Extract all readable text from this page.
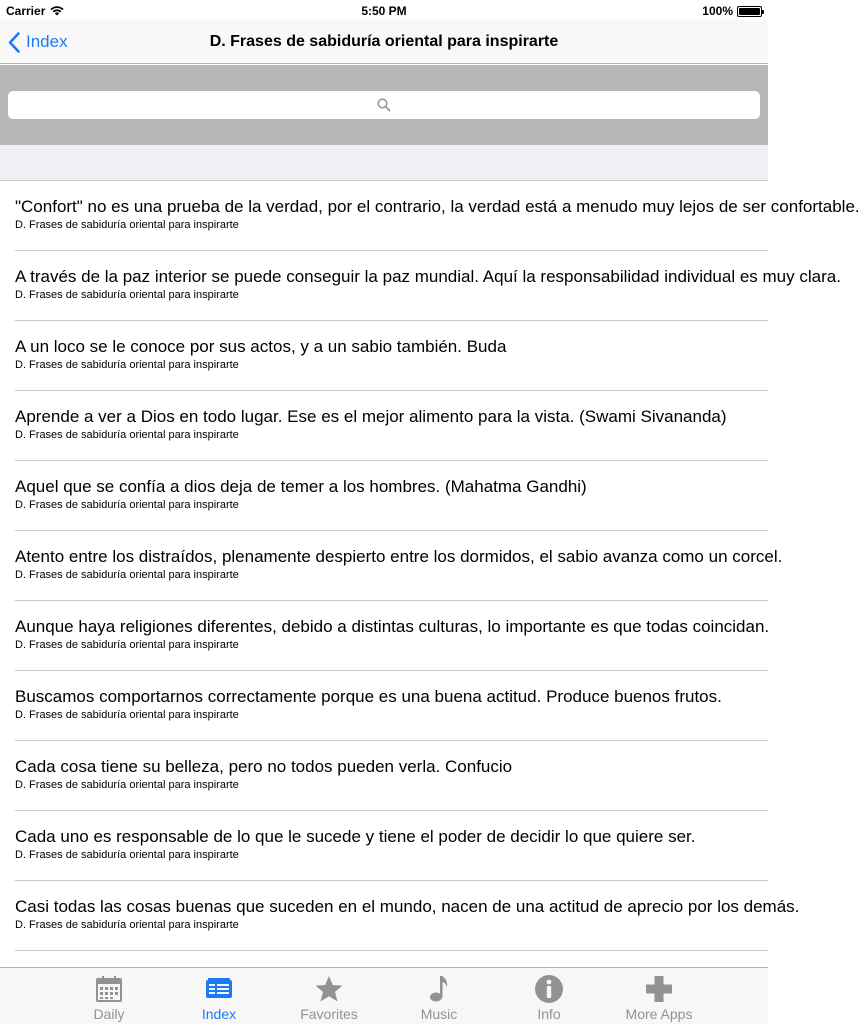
Carrier	5:50 PM	100%
D. Frases de sabiduría oriental para inspirarte
Index
"Confort" no es una prueba de la verdad, por el contrario, la verdad está a menudo muy lejos de ser confortable.
D. Frases de sabiduría oriental para inspirarte
A través de la paz interior se puede conseguir la paz mundial. Aquí la responsabilidad individual es muy clara.
D. Frases de sabiduría oriental para inspirarte
A un loco se le conoce por sus actos, y a un sabio también. Buda
D. Frases de sabiduría oriental para inspirarte
Aprende a ver a Dios en todo lugar. Ese es el mejor alimento para la vista. (Swami Sivananda)
D. Frases de sabiduría oriental para inspirarte
Aquel que se confía a dios deja de temer a los hombres. (Mahatma Gandhi)
D. Frases de sabiduría oriental para inspirarte
Atento entre los distraídos, plenamente despierto entre los dormidos, el sabio avanza como un corcel.
D. Frases de sabiduría oriental para inspirarte
Aunque haya religiones diferentes, debido a distintas culturas, lo importante es que todas coincidan.
D. Frases de sabiduría oriental para inspirarte
Buscamos comportarnos correctamente porque es una buena actitud. Produce buenos frutos.
D. Frases de sabiduría oriental para inspirarte
Cada cosa tiene su belleza, pero no todos pueden verla. Confucio
D. Frases de sabiduría oriental para inspirarte
Cada uno es responsable de lo que le sucede y tiene el poder de decidir lo que quiere ser.
D. Frases de sabiduría oriental para inspirarte
Casi todas las cosas buenas que suceden en el mundo, nacen de una actitud de aprecio por los demás.
D. Frases de sabiduría oriental para inspirarte
Daily	Index	Favorites	Music	Info	More Apps
